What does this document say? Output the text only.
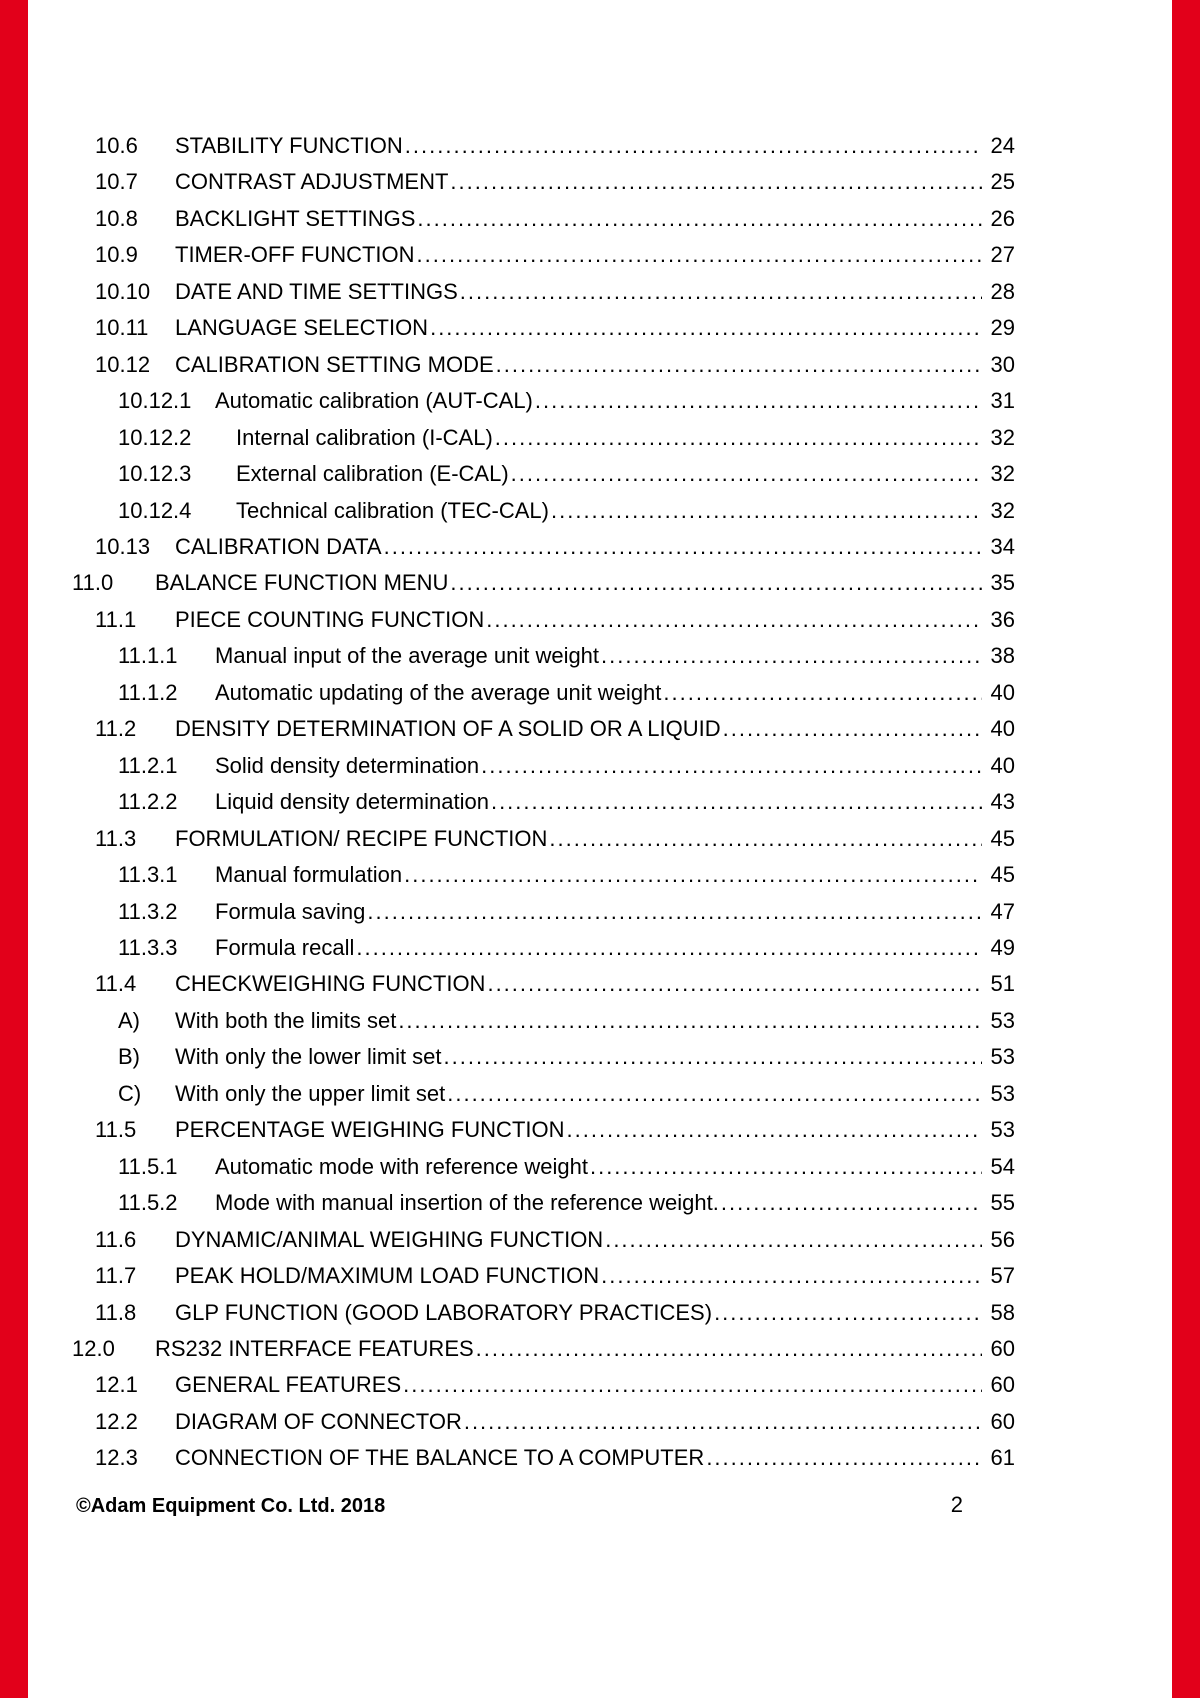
10.6	STABILITY FUNCTION .....	24
10.7	CONTRAST ADJUSTMENT .....	25
10.8	BACKLIGHT SETTINGS .....	26
10.9	TIMER-OFF FUNCTION .....	27
10.10	DATE AND TIME SETTINGS .....	28
10.11	LANGUAGE SELECTION .....	29
10.12	CALIBRATION SETTING MODE .....	30
10.12.1	Automatic calibration (AUT-CAL) .....	31
10.12.2	Internal calibration (I-CAL) .....	32
10.12.3	External calibration (E-CAL) .....	32
10.12.4	Technical calibration (TEC-CAL) .....	32
10.13	CALIBRATION DATA .....	34
11.0	BALANCE FUNCTION MENU .....	35
11.1	PIECE COUNTING FUNCTION .....	36
11.1.1	Manual input of the average unit weight .....	38
11.1.2	Automatic updating of the average unit weight .....	40
11.2	DENSITY DETERMINATION OF A SOLID OR A LIQUID .....	40
11.2.1	Solid density determination .....	40
11.2.2	Liquid density determination .....	43
11.3	FORMULATION/ RECIPE FUNCTION .....	45
11.3.1	Manual formulation .....	45
11.3.2	Formula saving .....	47
11.3.3	Formula recall .....	49
11.4	CHECKWEIGHING FUNCTION .....	51
A)	With both the limits set .....	53
B)	With only the lower limit set .....	53
C)	With only the upper limit set .....	53
11.5	PERCENTAGE WEIGHING FUNCTION .....	53
11.5.1	Automatic mode with reference weight .....	54
11.5.2	Mode with manual insertion of the reference weight. .....	55
11.6	DYNAMIC/ANIMAL WEIGHING FUNCTION .....	56
11.7	PEAK HOLD/MAXIMUM LOAD FUNCTION .....	57
11.8	GLP FUNCTION (GOOD LABORATORY PRACTICES) .....	58
12.0	RS232 INTERFACE FEATURES .....	60
12.1	GENERAL FEATURES .....	60
12.2	DIAGRAM OF CONNECTOR .....	60
12.3	CONNECTION OF THE BALANCE TO A COMPUTER .....	61
©Adam Equipment Co. Ltd. 2018	2
